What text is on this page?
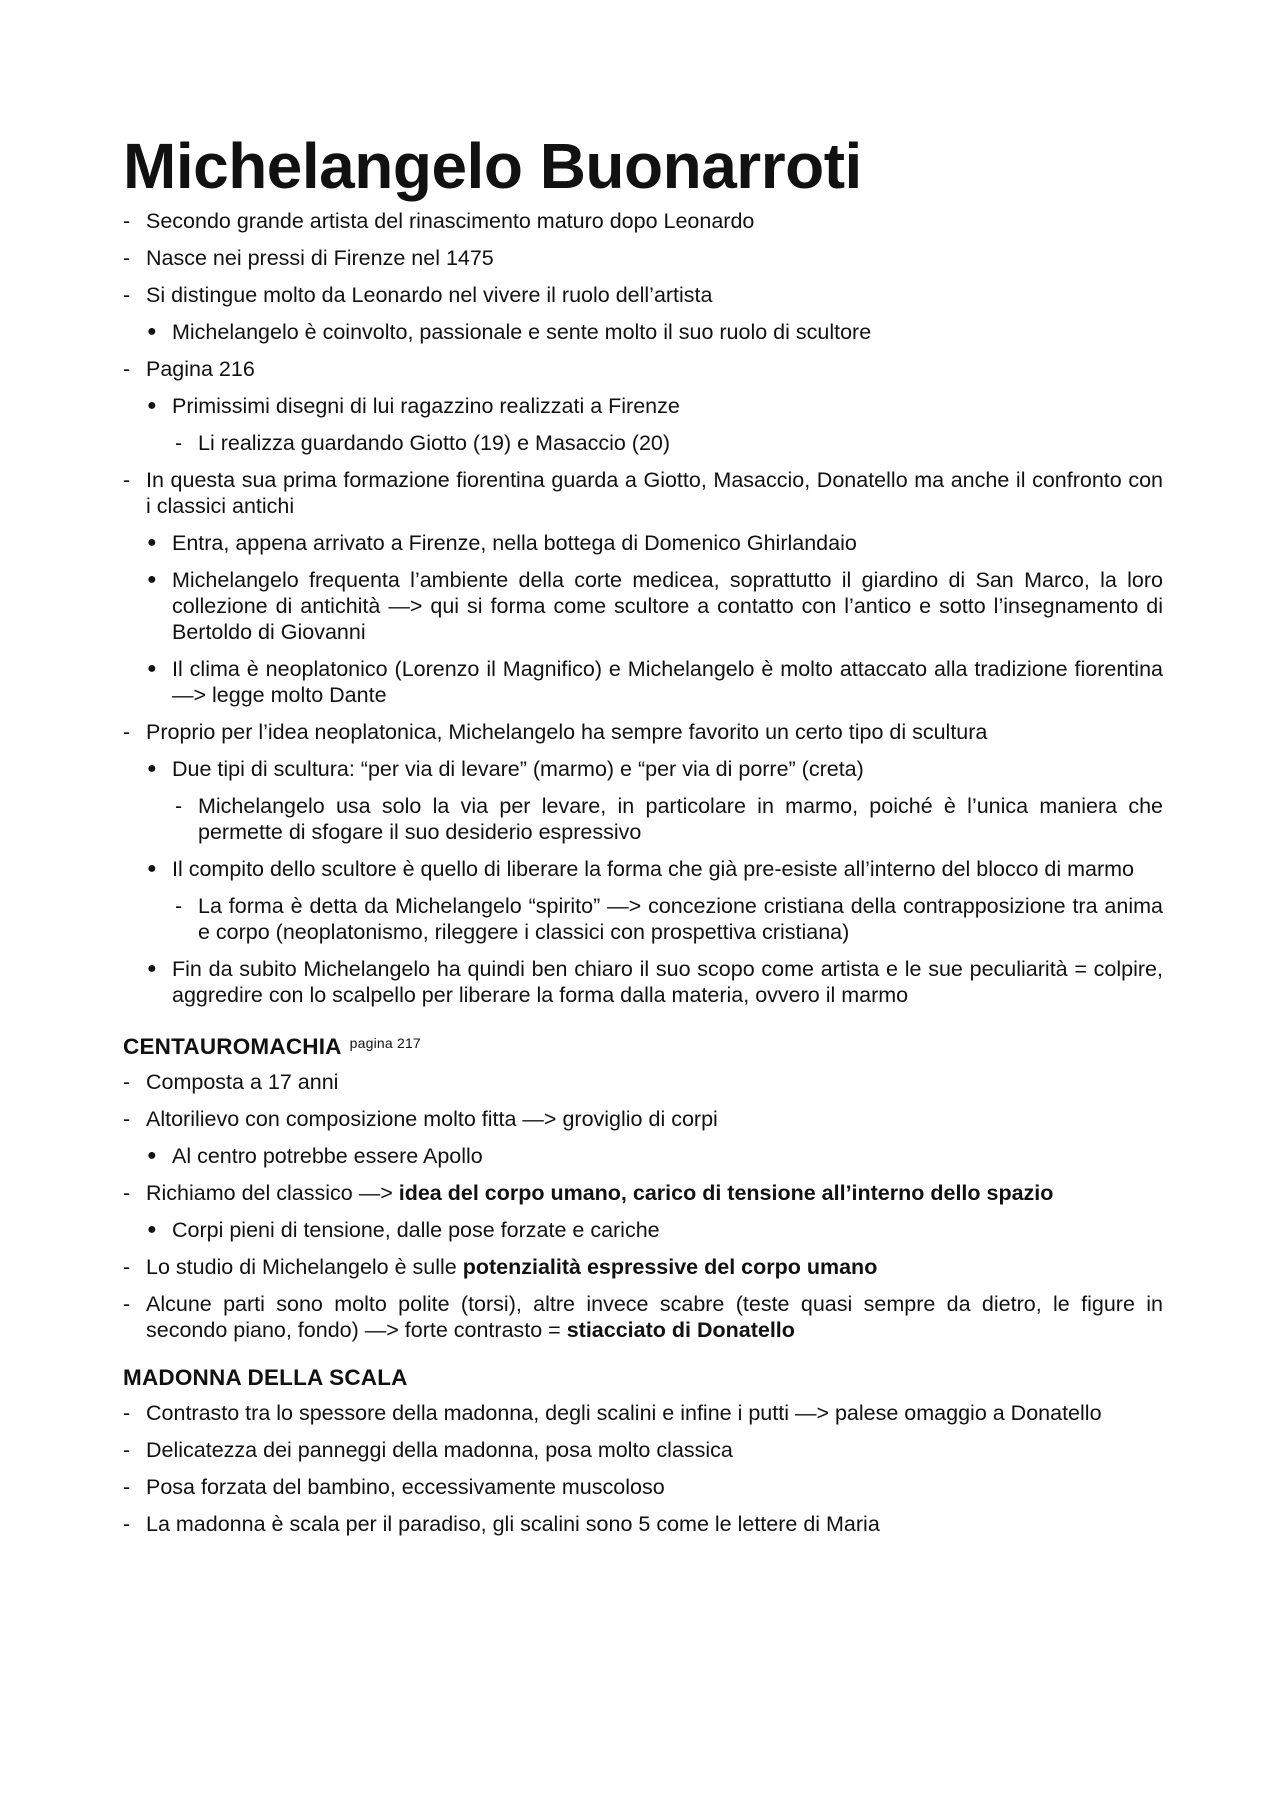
Michelangelo Buonarroti
- Secondo grande artista del rinascimento maturo dopo Leonardo
- Nasce nei pressi di Firenze nel 1475
- Si distingue molto da Leonardo nel vivere il ruolo dell’artista
● Michelangelo è coinvolto, passionale e sente molto il suo ruolo di scultore
- Pagina 216
● Primissimi disegni di lui ragazzino realizzati a Firenze
- Li realizza guardando Giotto (19) e Masaccio (20)
- In questa sua prima formazione fiorentina guarda a Giotto, Masaccio, Donatello ma anche il confronto con i classici antichi
● Entra, appena arrivato a Firenze, nella bottega di Domenico Ghirlandaio
● Michelangelo frequenta l’ambiente della corte medicea, soprattutto il giardino di San Marco, la loro collezione di antichità —> qui si forma come scultore a contatto con l’antico e sotto l’insegnamento di Bertoldo di Giovanni
● Il clima è neoplatonico (Lorenzo il Magnifico) e Michelangelo è molto attaccato alla tradizione fiorentina —> legge molto Dante
- Proprio per l’idea neoplatonica, Michelangelo ha sempre favorito un certo tipo di scultura
● Due tipi di scultura: “per via di levare” (marmo) e “per via di porre” (creta)
- Michelangelo usa solo la via per levare, in particolare in marmo, poiché è l’unica maniera che permette di sfogare il suo desiderio espressivo
● Il compito dello scultore è quello di liberare la forma che già pre-esiste all’interno del blocco di marmo
- La forma è detta da Michelangelo “spirito” —> concezione cristiana della contrapposizione tra anima e corpo (neoplatonismo, rileggere i classici con prospettiva cristiana)
● Fin da subito Michelangelo ha quindi ben chiaro il suo scopo come artista e le sue peculiarità = colpire, aggredire con lo scalpello per liberare la forma dalla materia, ovvero il marmo
CENTAUROMACHIA $^{pagina 217}$
- Composta a 17 anni
- Altorilievo con composizione molto fitta —> groviglio di corpi
● Al centro potrebbe essere Apollo
- Richiamo del classico —> idea del corpo umano, carico di tensione all’interno dello spazio
● Corpi pieni di tensione, dalle pose forzate e cariche
- Lo studio di Michelangelo è sulle potenzialità espressive del corpo umano
- Alcune parti sono molto polite (torsi), altre invece scabre (teste quasi sempre da dietro, le figure in secondo piano, fondo) —> forte contrasto = stiacciato di Donatello
MADONNA DELLA SCALA
- Contrasto tra lo spessore della madonna, degli scalini e infine i putti —> palese omaggio a Donatello
- Delicatezza dei panneggi della madonna, posa molto classica
- Posa forzata del bambino, eccessivamente muscoloso
- La madonna è scala per il paradiso, gli scalini sono 5 come le lettere di Maria
